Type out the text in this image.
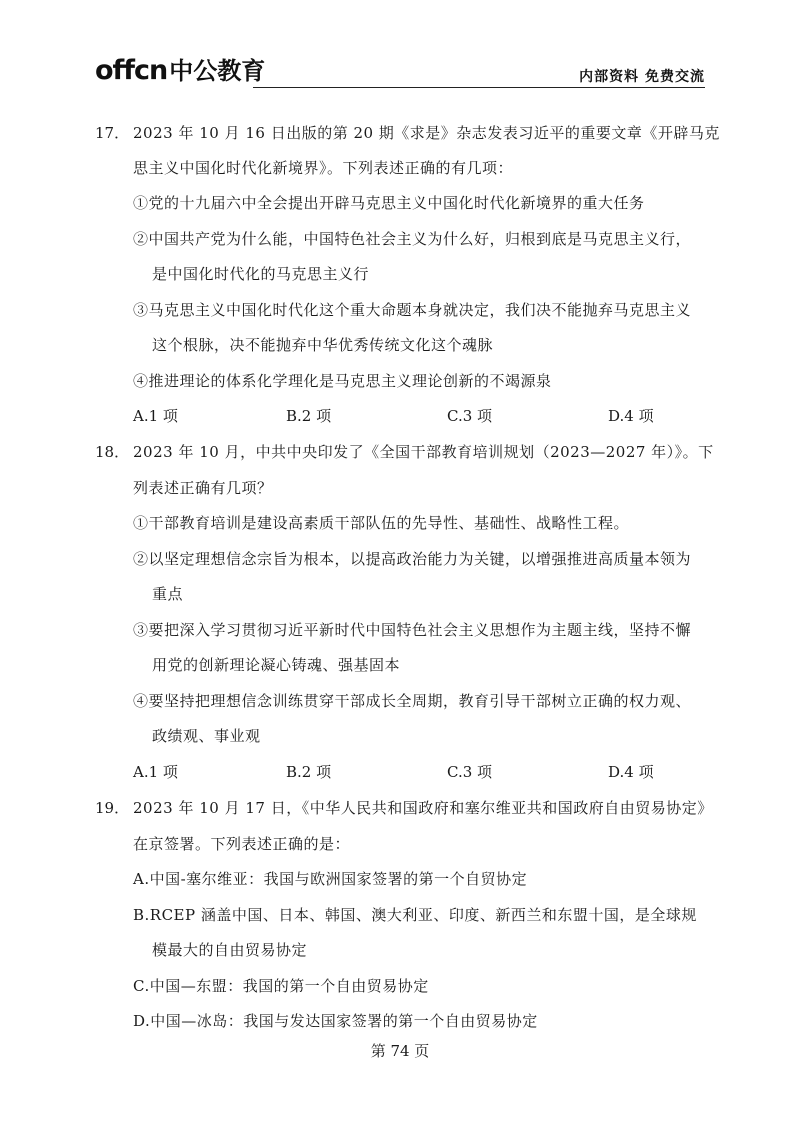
offcn 中公教育	内部资料 免费交流
17． 2023 年 10 月 16 日出版的第 20 期《求是》杂志发表习近平的重要文章《开辟马克
思主义中国化时代化新境界》。下列表述正确的有几项：
①党的十九届六中全会提出开辟马克思主义中国化时代化新境界的重大任务
②中国共产党为什么能，中国特色社会主义为什么好，归根到底是马克思主义行，
是中国化时代化的马克思主义行
③马克思主义中国化时代化这个重大命题本身就决定，我们决不能抛弃马克思主义
这个根脉，决不能抛弃中华优秀传统文化这个魂脉
④推进理论的体系化学理化是马克思主义理论创新的不竭源泉
A.1 项	B.2 项	C.3 项	D.4 项
18． 2023 年 10 月，中共中央印发了《全国干部教育培训规划（2023—2027 年）》。下
列表述正确有几项？
①干部教育培训是建设高素质干部队伍的先导性、基础性、战略性工程。
②以坚定理想信念宗旨为根本，以提高政治能力为关键，以增强推进高质量本领为
重点
③要把深入学习贯彻习近平新时代中国特色社会主义思想作为主题主线，坚持不懈
用党的创新理论凝心铸魂、强基固本
④要坚持把理想信念训练贯穿干部成长全周期，教育引导干部树立正确的权力观、
政绩观、事业观
A.1 项	B.2 项	C.3 项	D.4 项
19． 2023 年 10 月 17 日，《中华人民共和国政府和塞尔维亚共和国政府自由贸易协定》
在京签署。下列表述正确的是：
A.中国-塞尔维亚：我国与欧洲国家签署的第一个自贸协定
B.RCEP 涵盖中国、日本、韩国、澳大利亚、印度、新西兰和东盟十国，是全球规
模最大的自由贸易协定
C.中国—东盟：我国的第一个自由贸易协定
D.中国—冰岛：我国与发达国家签署的第一个自由贸易协定
第 74 页
